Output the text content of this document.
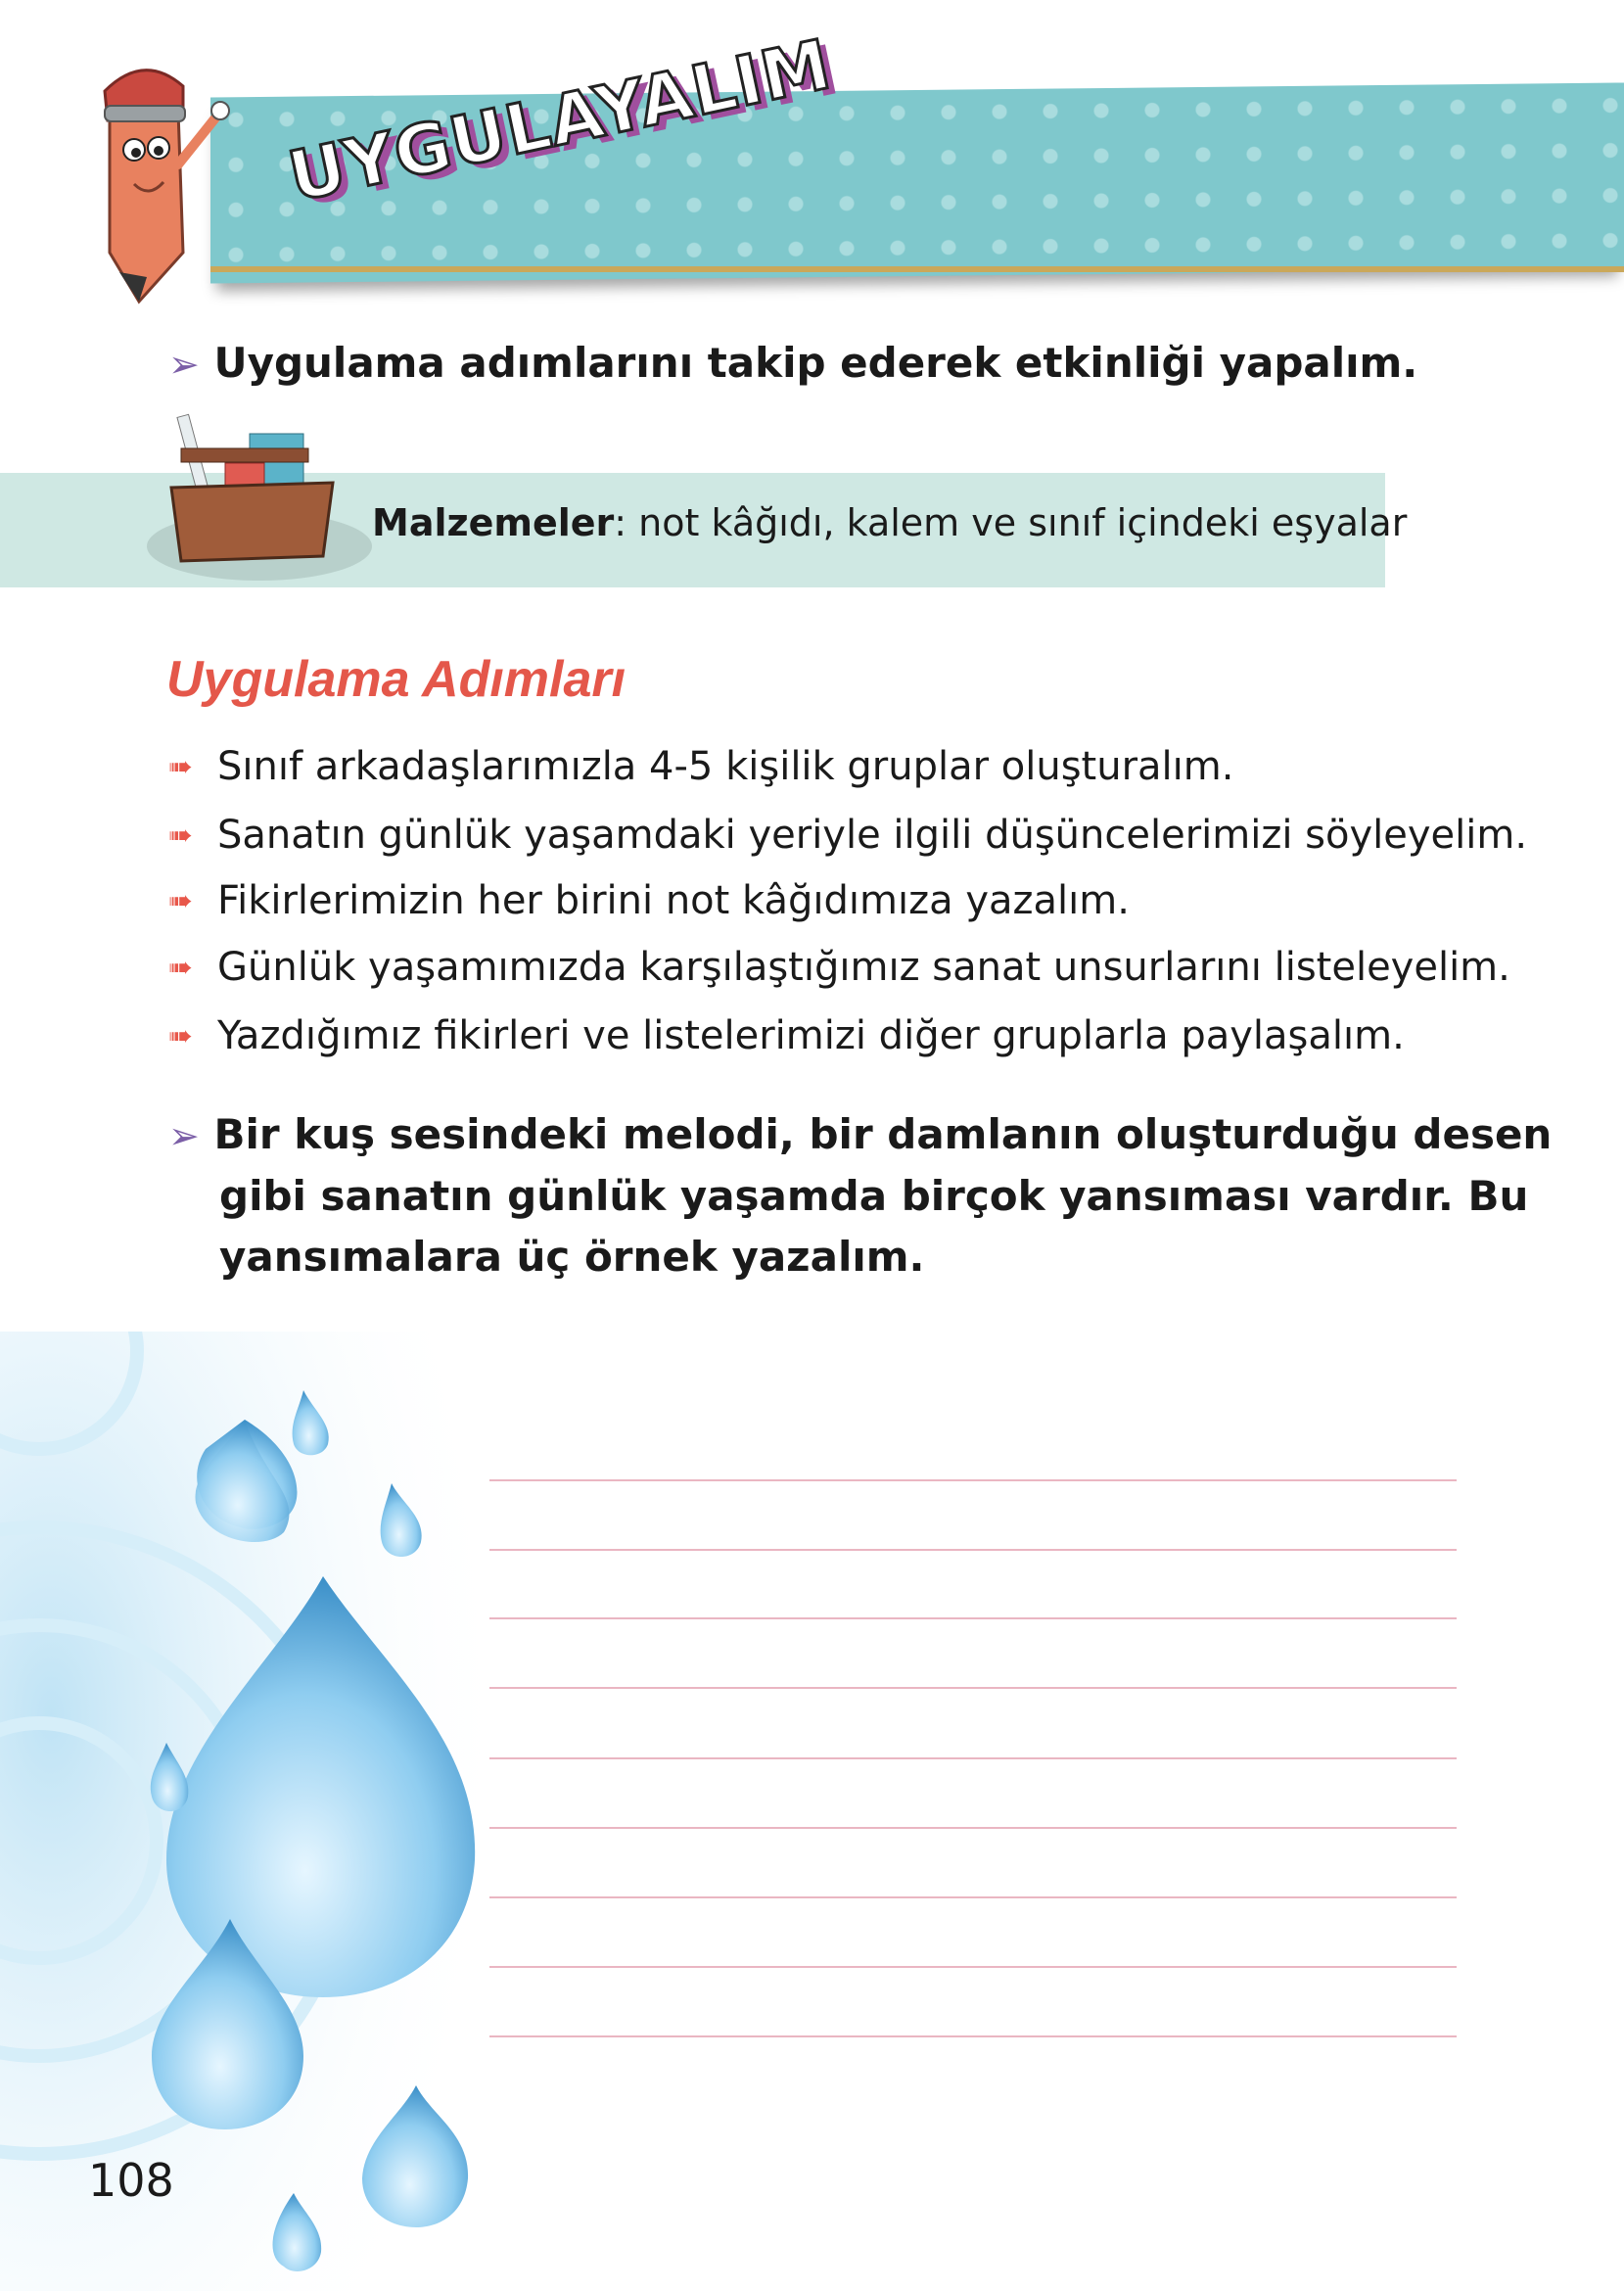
UYGULAYALIM
➢ Uygulama adımlarını takip ederek etkinliği yapalım.
Malzemeler: not kâğıdı, kalem ve sınıf içindeki eşyalar
Uygulama Adımları
➠ Sınıf arkadaşlarımızla 4-5 kişilik gruplar oluşturalım.
➠ Sanatın günlük yaşamdaki yeriyle ilgili düşüncelerimizi söyleyelim.
➠ Fikirlerimizin her birini not kâğıdımıza yazalım.
➠ Günlük yaşamımızda karşılaştığımız sanat unsurlarını listeleyelim.
➠ Yazdığımız fikirleri ve listelerimizi diğer gruplarla paylaşalım.
➢ Bir kuş sesindeki melodi, bir damlanın oluşturduğu desen
gibi sanatın günlük yaşamda birçok yansıması vardır. Bu
yansımalara üç örnek yazalım.
108
